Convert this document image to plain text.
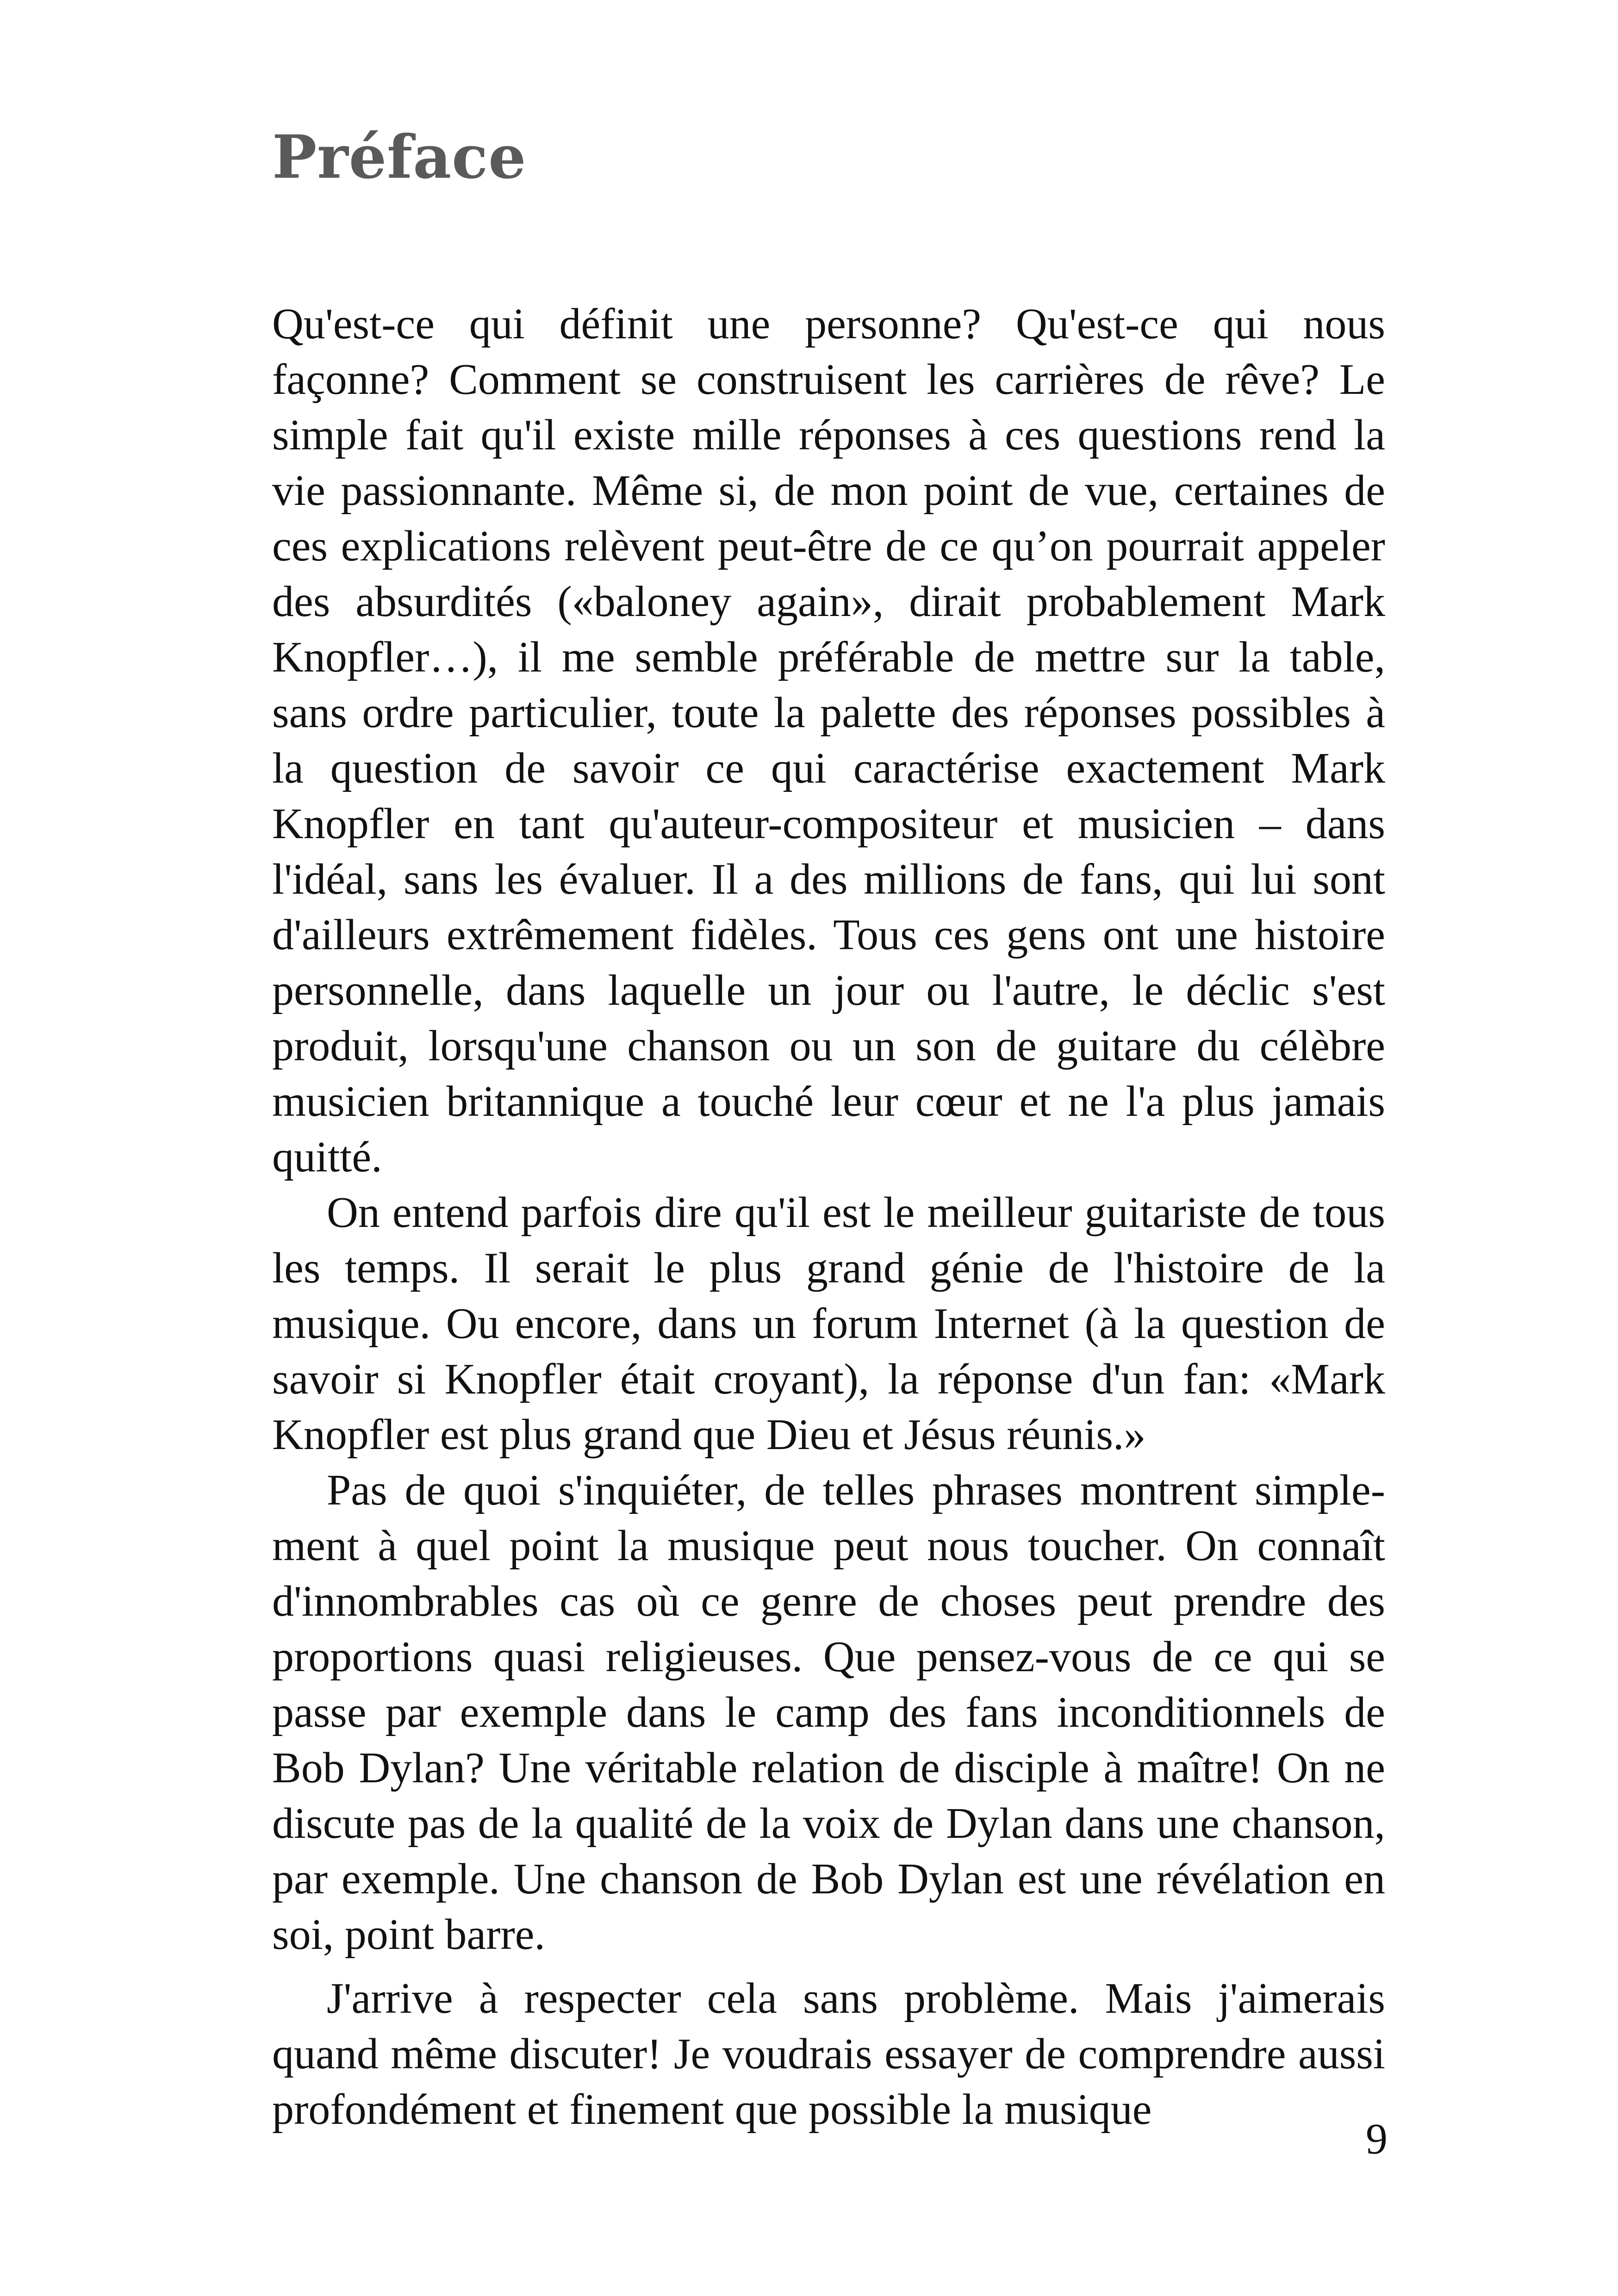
Préface

Qu'est-ce qui définit une personne? Qu'est-ce qui nous façonne? Comment se construisent les carrières de rêve? Le simple fait qu'il existe mille réponses à ces questions rend la vie passionnante. Même si, de mon point de vue, certaines de ces explications relèvent peut-être de ce qu’on pourrait appeler des absurdités («baloney again», dirait probablement Mark Knopfler…), il me semble préférable de mettre sur la table, sans ordre particulier, toute la palette des réponses possibles à la question de savoir ce qui caractérise exactement Mark Knopfler en tant qu'auteur-compositeur et musicien – dans l'idéal, sans les évaluer. Il a des millions de fans, qui lui sont d'ailleurs extrêmement fidèles. Tous ces gens ont une histoire personnelle, dans laquelle un jour ou l'autre, le déclic s'est produit, lorsqu'une chanson ou un son de guitare du célèbre musicien britannique a touché leur cœur et ne l'a plus jamais quitté.

On entend parfois dire qu'il est le meilleur guitariste de tous les temps. Il serait le plus grand génie de l'histoire de la musique. Ou encore, dans un forum Internet (à la question de savoir si Knopfler était croyant), la réponse d'un fan: «Mark Knopfler est plus grand que Dieu et Jésus réunis.»

Pas de quoi s'inquiéter, de telles phrases montrent simplement à quel point la musique peut nous toucher. On connaît d'innombrables cas où ce genre de choses peut prendre des proportions quasi religieuses. Que pensez-vous de ce qui se passe par exemple dans le camp des fans inconditionnels de Bob Dylan? Une véritable relation de disciple à maître! On ne discute pas de la qualité de la voix de Dylan dans une chanson, par exemple. Une chanson de Bob Dylan est une révélation en soi, point barre.

J'arrive à respecter cela sans problème. Mais j'aimerais quand même discuter! Je voudrais essayer de comprendre aussi profondément et finement que possible la musique

9
